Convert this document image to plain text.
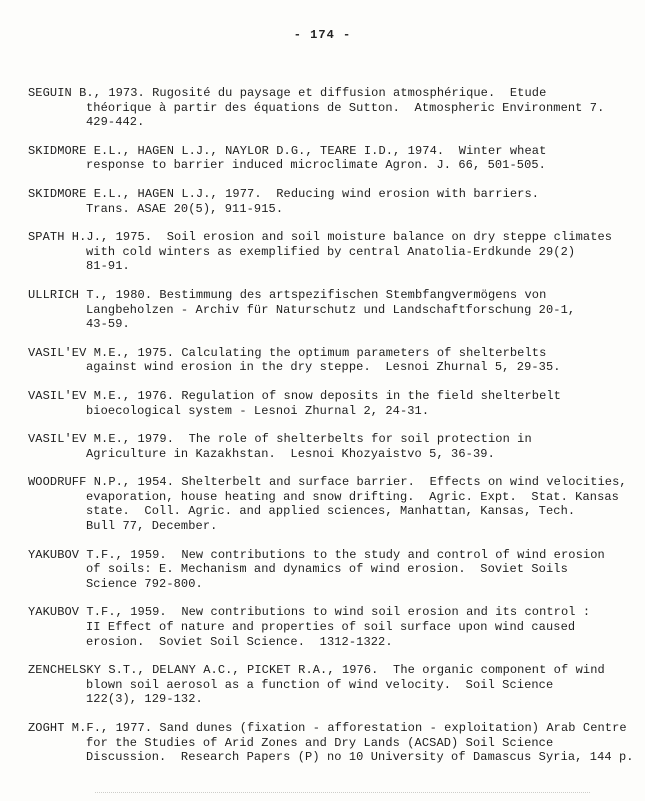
- 174 -
SEGUIN B., 1973. Rugosité du paysage et diffusion atmosphérique.  Etude
théorique à partir des équations de Sutton.  Atmospheric Environment 7.
429-442.
SKIDMORE E.L., HAGEN L.J., NAYLOR D.G., TEARE I.D., 1974.  Winter wheat
response to barrier induced microclimate Agron. J. 66, 501-505.
SKIDMORE E.L., HAGEN L.J., 1977.  Reducing wind erosion with barriers.
Trans. ASAE 20(5), 911-915.
SPATH H.J., 1975.  Soil erosion and soil moisture balance on dry steppe climates
with cold winters as exemplified by central Anatolia-Erdkunde 29(2)
81-91.
ULLRICH T., 1980. Bestimmung des artspezifischen Stembfangvermögens von
Langbeholzen - Archiv für Naturschutz und Landschaftforschung 20-1,
43-59.
VASIL'EV M.E., 1975. Calculating the optimum parameters of shelterbelts
against wind erosion in the dry steppe.  Lesnoi Zhurnal 5, 29-35.
VASIL'EV M.E., 1976. Regulation of snow deposits in the field shelterbelt
bioecological system - Lesnoi Zhurnal 2, 24-31.
VASIL'EV M.E., 1979.  The role of shelterbelts for soil protection in
Agriculture in Kazakhstan.  Lesnoi Khozyaistvo 5, 36-39.
WOODRUFF N.P., 1954. Shelterbelt and surface barrier.  Effects on wind velocities,
evaporation, house heating and snow drifting.  Agric. Expt.  Stat. Kansas
state.  Coll. Agric. and applied sciences, Manhattan, Kansas, Tech.
Bull 77, December.
YAKUBOV T.F., 1959.  New contributions to the study and control of wind erosion
of soils: E. Mechanism and dynamics of wind erosion.  Soviet Soils
Science 792-800.
YAKUBOV T.F., 1959.  New contributions to wind soil erosion and its control :
II Effect of nature and properties of soil surface upon wind caused
erosion.  Soviet Soil Science.  1312-1322.
ZENCHELSKY S.T., DELANY A.C., PICKET R.A., 1976.  The organic component of wind
blown soil aerosol as a function of wind velocity.  Soil Science
122(3), 129-132.
ZOGHT M.F., 1977. Sand dunes (fixation - afforestation - exploitation) Arab Centre
for the Studies of Arid Zones and Dry Lands (ACSAD) Soil Science
Discussion.  Research Papers (P) no 10 University of Damascus Syria, 144 p.
